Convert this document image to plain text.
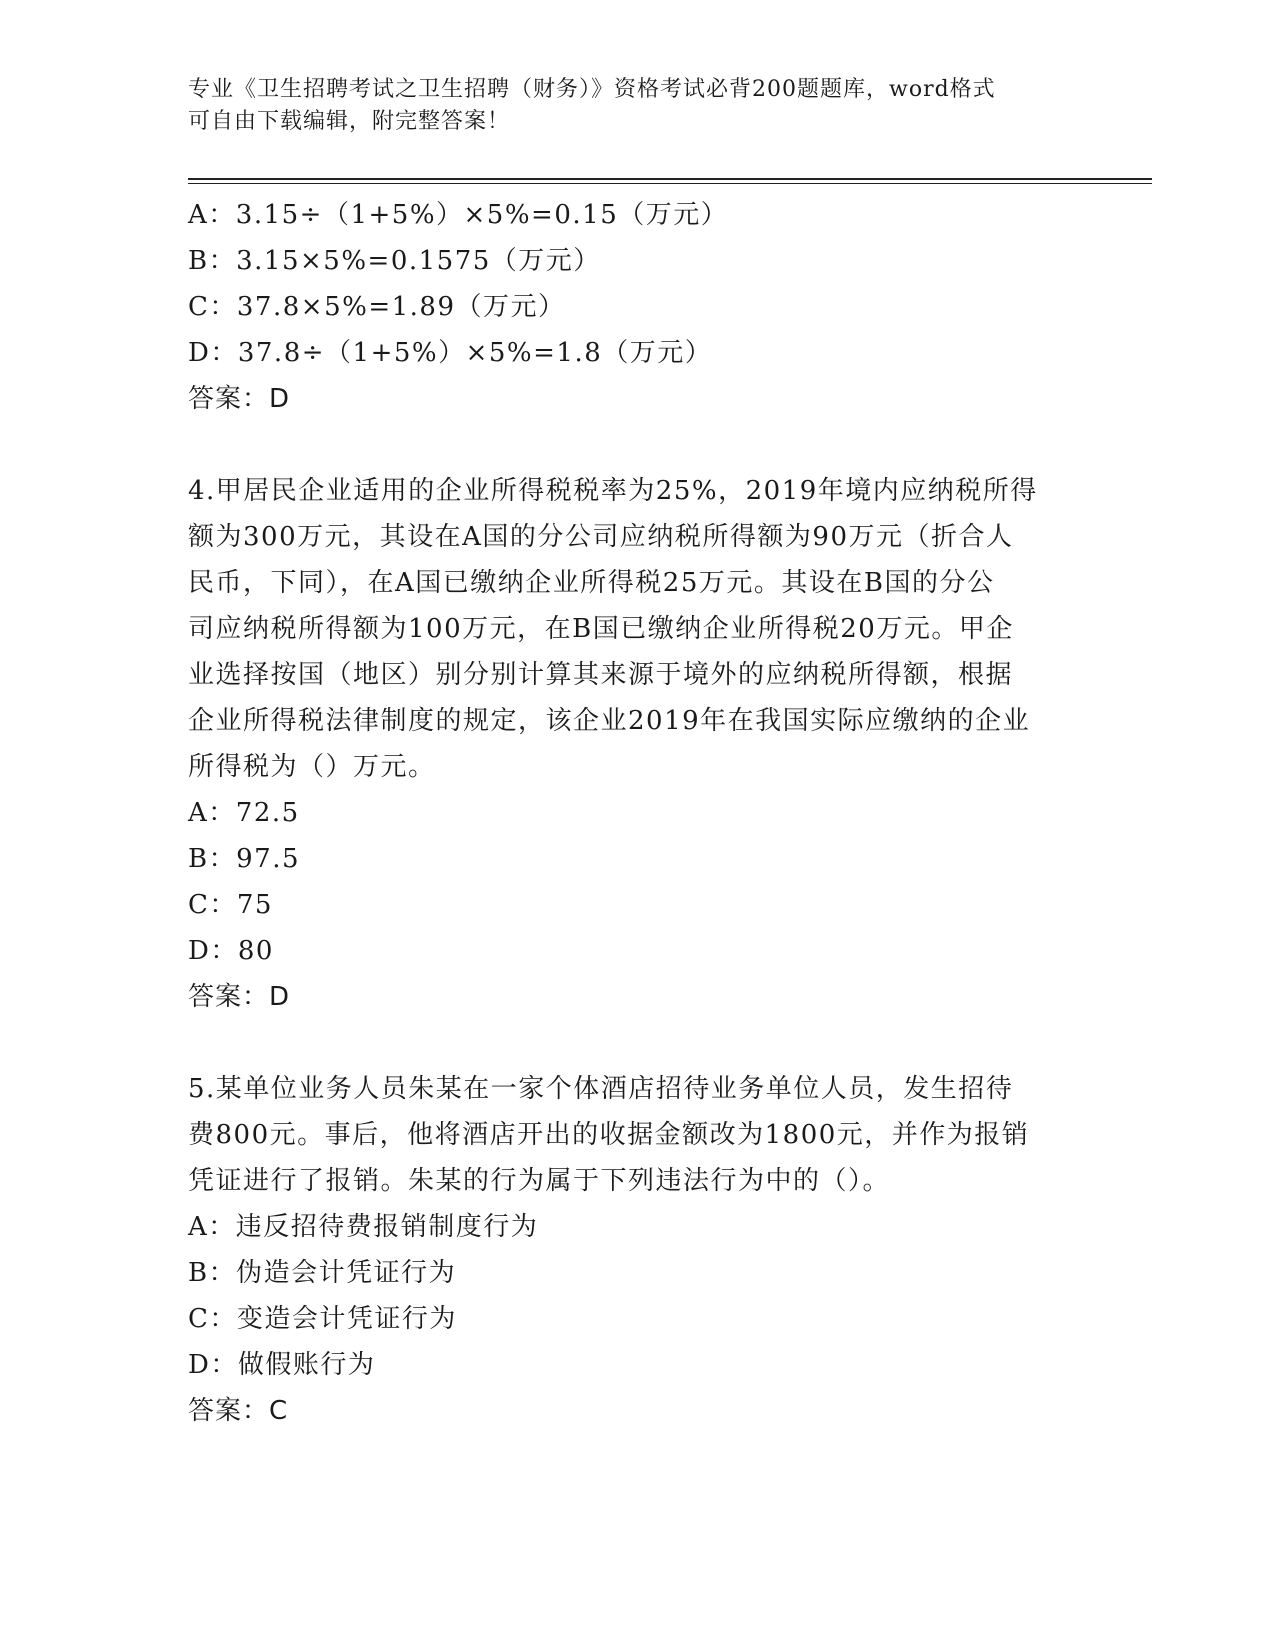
专业《卫生招聘考试之卫生招聘（财务）》资格考试必背200题题库，word格式
可自由下载编辑，附完整答案！
A：3.15÷（1+5%）×5%=0.15（万元）
B：3.15×5%=0.1575（万元）
C：37.8×5%=1.89（万元）
D：37.8÷（1+5%）×5%=1.8（万元）
答案：D
4.甲居民企业适用的企业所得税税率为25%，2019年境内应纳税所得
额为300万元，其设在A国的分公司应纳税所得额为90万元（折合人
民币，下同），在A国已缴纳企业所得税25万元。其设在B国的分公
司应纳税所得额为100万元，在B国已缴纳企业所得税20万元。甲企
业选择按国（地区）别分别计算其来源于境外的应纳税所得额，根据
企业所得税法律制度的规定，该企业2019年在我国实际应缴纳的企业
所得税为（）万元。
A：72.5
B：97.5
C：75
D：80
答案：D
5.某单位业务人员朱某在一家个体酒店招待业务单位人员，发生招待
费800元。事后，他将酒店开出的收据金额改为1800元，并作为报销
凭证进行了报销。朱某的行为属于下列违法行为中的（）。
A：违反招待费报销制度行为
B：伪造会计凭证行为
C：变造会计凭证行为
D：做假账行为
答案：C
